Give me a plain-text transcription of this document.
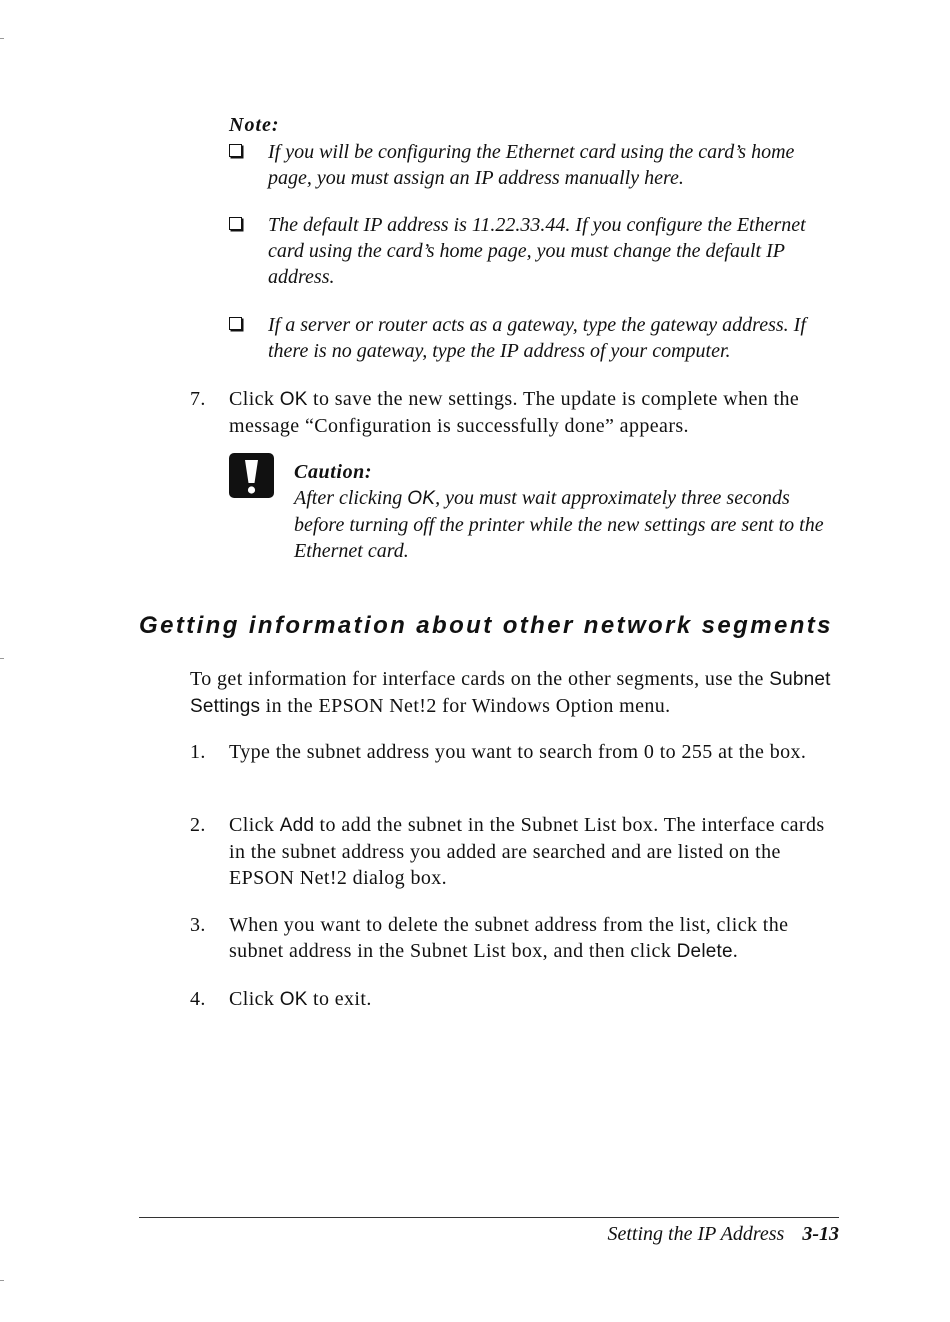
Note:
If you will be configuring the Ethernet card using the card’s home page, you must assign an IP address manually here.
The default IP address is 11.22.33.44. If you configure the Ethernet card using the card’s home page, you must change the default IP address.
If a server or router acts as a gateway, type the gateway address. If there is no gateway, type the IP address of your computer.
7. Click OK to save the new settings. The update is complete when the message “Configuration is successfully done” appears.
Caution:
After clicking OK, you must wait approximately three seconds before turning off the printer while the new settings are sent to the Ethernet card.
Getting information about other network segments
To get information for interface cards on the other segments, use the Subnet Settings in the EPSON Net!2 for Windows Option menu.
1. Type the subnet address you want to search from 0 to 255 at the box.
2. Click Add to add the subnet in the Subnet List box. The interface cards in the subnet address you added are searched and are listed on the EPSON Net!2 dialog box.
3. When you want to delete the subnet address from the list, click the subnet address in the Subnet List box, and then click Delete.
4. Click OK to exit.
Setting the IP Address 3-13
